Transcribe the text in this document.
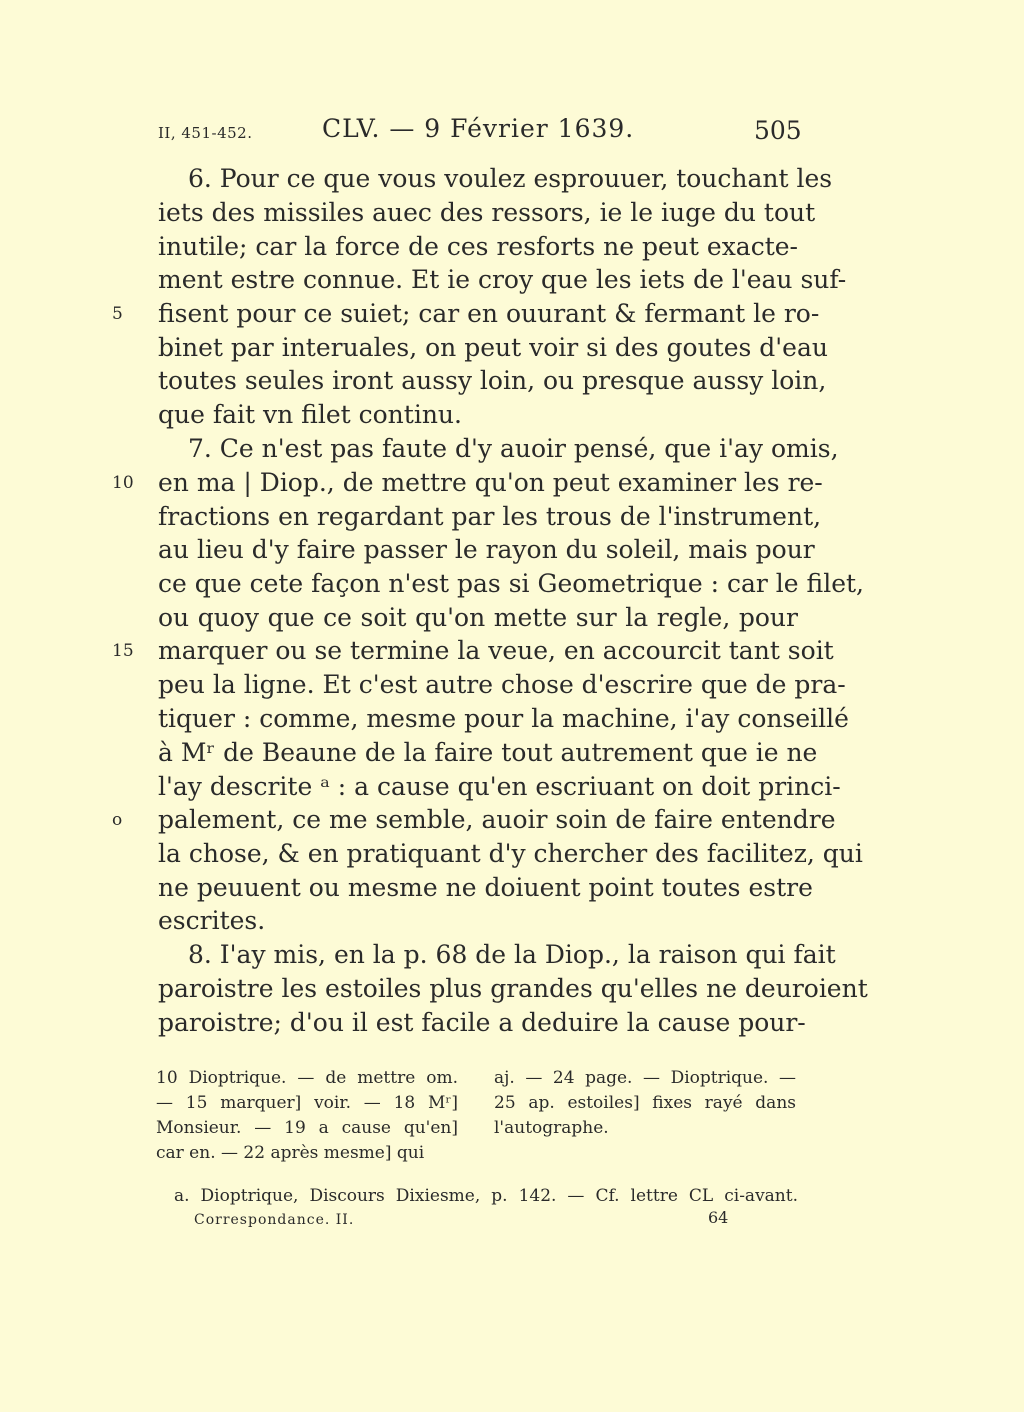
II, 451-452.	CLV. — 9 Février 1639.	505
6. Pour ce que vous voulez esprouuer, touchant les
iets des missiles auec des ressors, ie le iuge du tout
inutile; car la force de ces resforts ne peut exacte-
ment estre connue. Et ie croy que les iets de l'eau suf-
fisent pour ce suiet; car en ouurant & fermant le ro-
binet par interuales, on peut voir si des goutes d'eau
toutes seules iront aussy loin, ou presque aussy loin,
que fait vn filet continu.
7. Ce n'est pas faute d'y auoir pensé, que i'ay omis,
en ma | Diop., de mettre qu'on peut examiner les re-
fractions en regardant par les trous de l'instrument,
au lieu d'y faire passer le rayon du soleil, mais pour
ce que cete façon n'est pas si Geometrique : car le filet,
ou quoy que ce soit qu'on mette sur la regle, pour
marquer ou se termine la veue, en accourcit tant soit
peu la ligne. Et c'est autre chose d'escrire que de pra-
tiquer : comme, mesme pour la machine, i'ay conseillé
à Mʳ de Beaune de la faire tout autrement que ie ne
l'ay descrite ᵃ : a cause qu'en escriuant on doit princi-
palement, ce me semble, auoir soin de faire entendre
la chose, & en pratiquant d'y chercher des facilitez, qui
ne peuuent ou mesme ne doiuent point toutes estre
escrites.
8. I'ay mis, en la p. 68 de la Diop., la raison qui fait
paroistre les estoiles plus grandes qu'elles ne deuroient
paroistre; d'ou il est facile a deduire la cause pour-
5
10
15
o
10 Dioptrique. — de mettre om.
— 15 marquer] voir. — 18 Mʳ]
Monsieur. — 19 a cause qu'en]
car en. — 22 après mesme] qui
aj. — 24 page. — Dioptrique. —
25 ap. estoiles] fixes rayé dans
l'autographe.
a. Dioptrique, Discours Dixiesme, p. 142. — Cf. lettre CL ci-avant.
Correspondance. II.	64
